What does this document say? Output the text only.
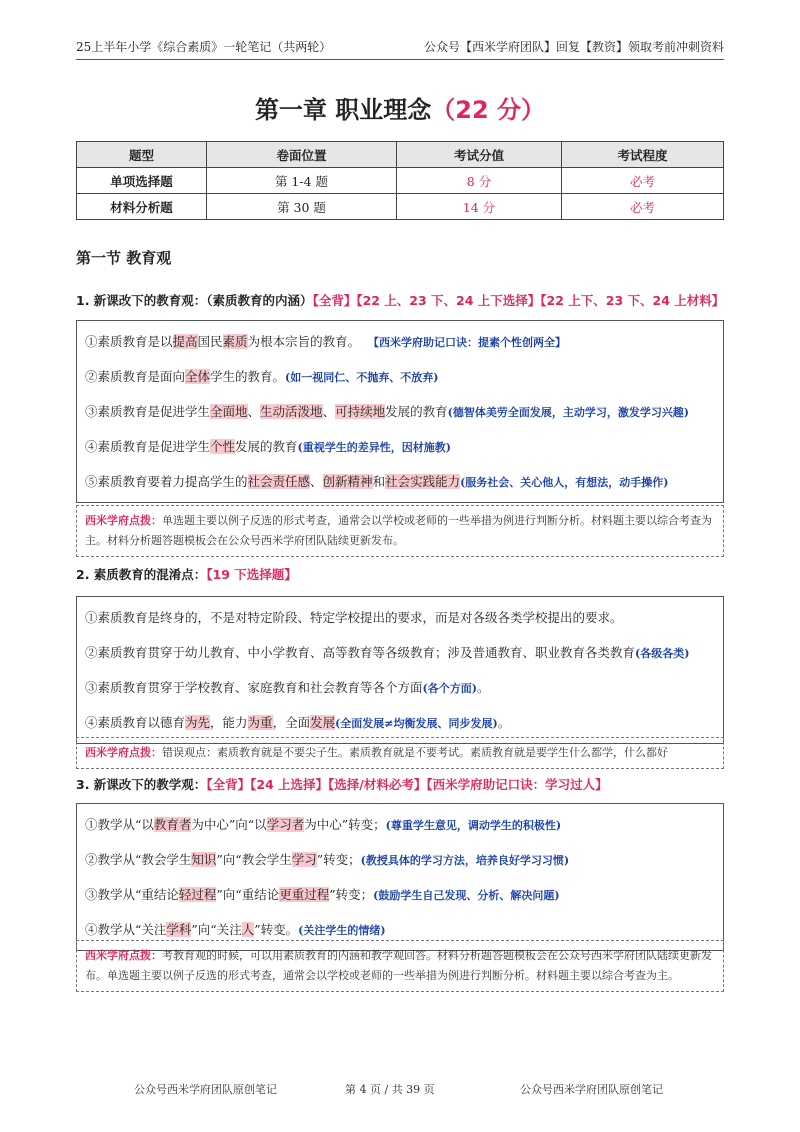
25上半年小学《综合素质》一轮笔记（共两轮）	公众号【西米学府团队】回复【教资】领取考前冲刺资料
第一章 职业理念（22 分）
题型	卷面位置	考试分值	考试程度
单项选择题	第 1-4 题	8 分	必考
材料分析题	第 30 题	14 分	必考
第一节 教育观
1. 新课改下的教育观：（素质教育的内涵）【全背】【22 上、23 下、24 上下选择】【22 上下、23 下、24 上材料】
①素质教育是以提高国民素质为根本宗旨的教育。 【西米学府助记口诀：提素个性创两全】
②素质教育是面向全体学生的教育。(如一视同仁、不抛弃、不放弃)
③素质教育是促进学生全面地、生动活泼地、可持续地发展的教育(德智体美劳全面发展，主动学习，激发学习兴趣)
④素质教育是促进学生个性发展的教育(重视学生的差异性，因材施教)
⑤素质教育要着力提高学生的社会责任感、创新精神和社会实践能力(服务社会、关心他人，有想法，动手操作)
西米学府点拨：单选题主要以例子反选的形式考查，通常会以学校或老师的一些举措为例进行判断分析。材料题主要以综合考查为主。材料分析题答题模板会在公众号西米学府团队陆续更新发布。
2. 素质教育的混淆点：【19 下选择题】
①素质教育是终身的，不是对特定阶段、特定学校提出的要求，而是对各级各类学校提出的要求。
②素质教育贯穿于幼儿教育、中小学教育、高等教育等各级教育；涉及普通教育、职业教育各类教育(各级各类)
③素质教育贯穿于学校教育、家庭教育和社会教育等各个方面(各个方面)。
④素质教育以德育为先，能力为重，全面发展(全面发展≠均衡发展、同步发展)。
西米学府点拨：错误观点：素质教育就是不要尖子生。素质教育就是不要考试。素质教育就是要学生什么都学，什么都好
3. 新课改下的教学观：【全背】【24 上选择】【选择/材料必考】【西米学府助记口诀：学习过人】
①教学从“以教育者为中心”向“以学习者为中心”转变；(尊重学生意见，调动学生的积极性)
②教学从“教会学生知识”向“教会学生学习”转变；(教授具体的学习方法，培养良好学习习惯)
③教学从“重结论轻过程”向“重结论更重过程”转变；(鼓励学生自己发现、分析、解决问题)
④教学从“关注学科”向“关注人”转变。(关注学生的情绪)
西米学府点拨：考教育观的时候，可以用素质教育的内涵和教学观回答。材料分析题答题模板会在公众号西米学府团队陆续更新发布。单选题主要以例子反选的形式考查，通常会以学校或老师的一些举措为例进行判断分析。材料题主要以综合考查为主。
公众号西米学府团队原创笔记	第 4 页 / 共 39 页	公众号西米学府团队原创笔记
